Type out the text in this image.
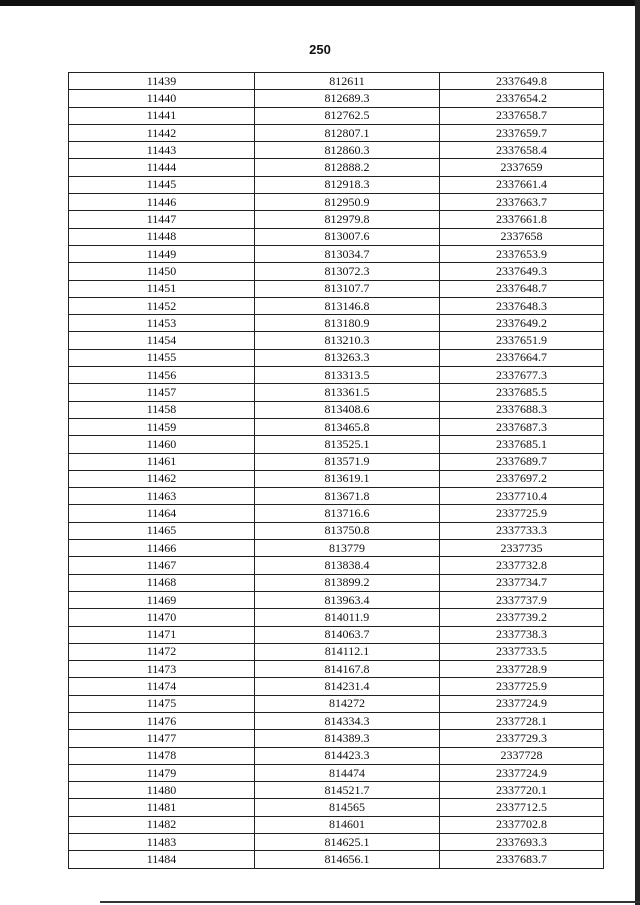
250
11439	812611	2337649.8
11440	812689.3	2337654.2
11441	812762.5	2337658.7
11442	812807.1	2337659.7
11443	812860.3	2337658.4
11444	812888.2	2337659
11445	812918.3	2337661.4
11446	812950.9	2337663.7
11447	812979.8	2337661.8
11448	813007.6	2337658
11449	813034.7	2337653.9
11450	813072.3	2337649.3
11451	813107.7	2337648.7
11452	813146.8	2337648.3
11453	813180.9	2337649.2
11454	813210.3	2337651.9
11455	813263.3	2337664.7
11456	813313.5	2337677.3
11457	813361.5	2337685.5
11458	813408.6	2337688.3
11459	813465.8	2337687.3
11460	813525.1	2337685.1
11461	813571.9	2337689.7
11462	813619.1	2337697.2
11463	813671.8	2337710.4
11464	813716.6	2337725.9
11465	813750.8	2337733.3
11466	813779	2337735
11467	813838.4	2337732.8
11468	813899.2	2337734.7
11469	813963.4	2337737.9
11470	814011.9	2337739.2
11471	814063.7	2337738.3
11472	814112.1	2337733.5
11473	814167.8	2337728.9
11474	814231.4	2337725.9
11475	814272	2337724.9
11476	814334.3	2337728.1
11477	814389.3	2337729.3
11478	814423.3	2337728
11479	814474	2337724.9
11480	814521.7	2337720.1
11481	814565	2337712.5
11482	814601	2337702.8
11483	814625.1	2337693.3
11484	814656.1	2337683.7
